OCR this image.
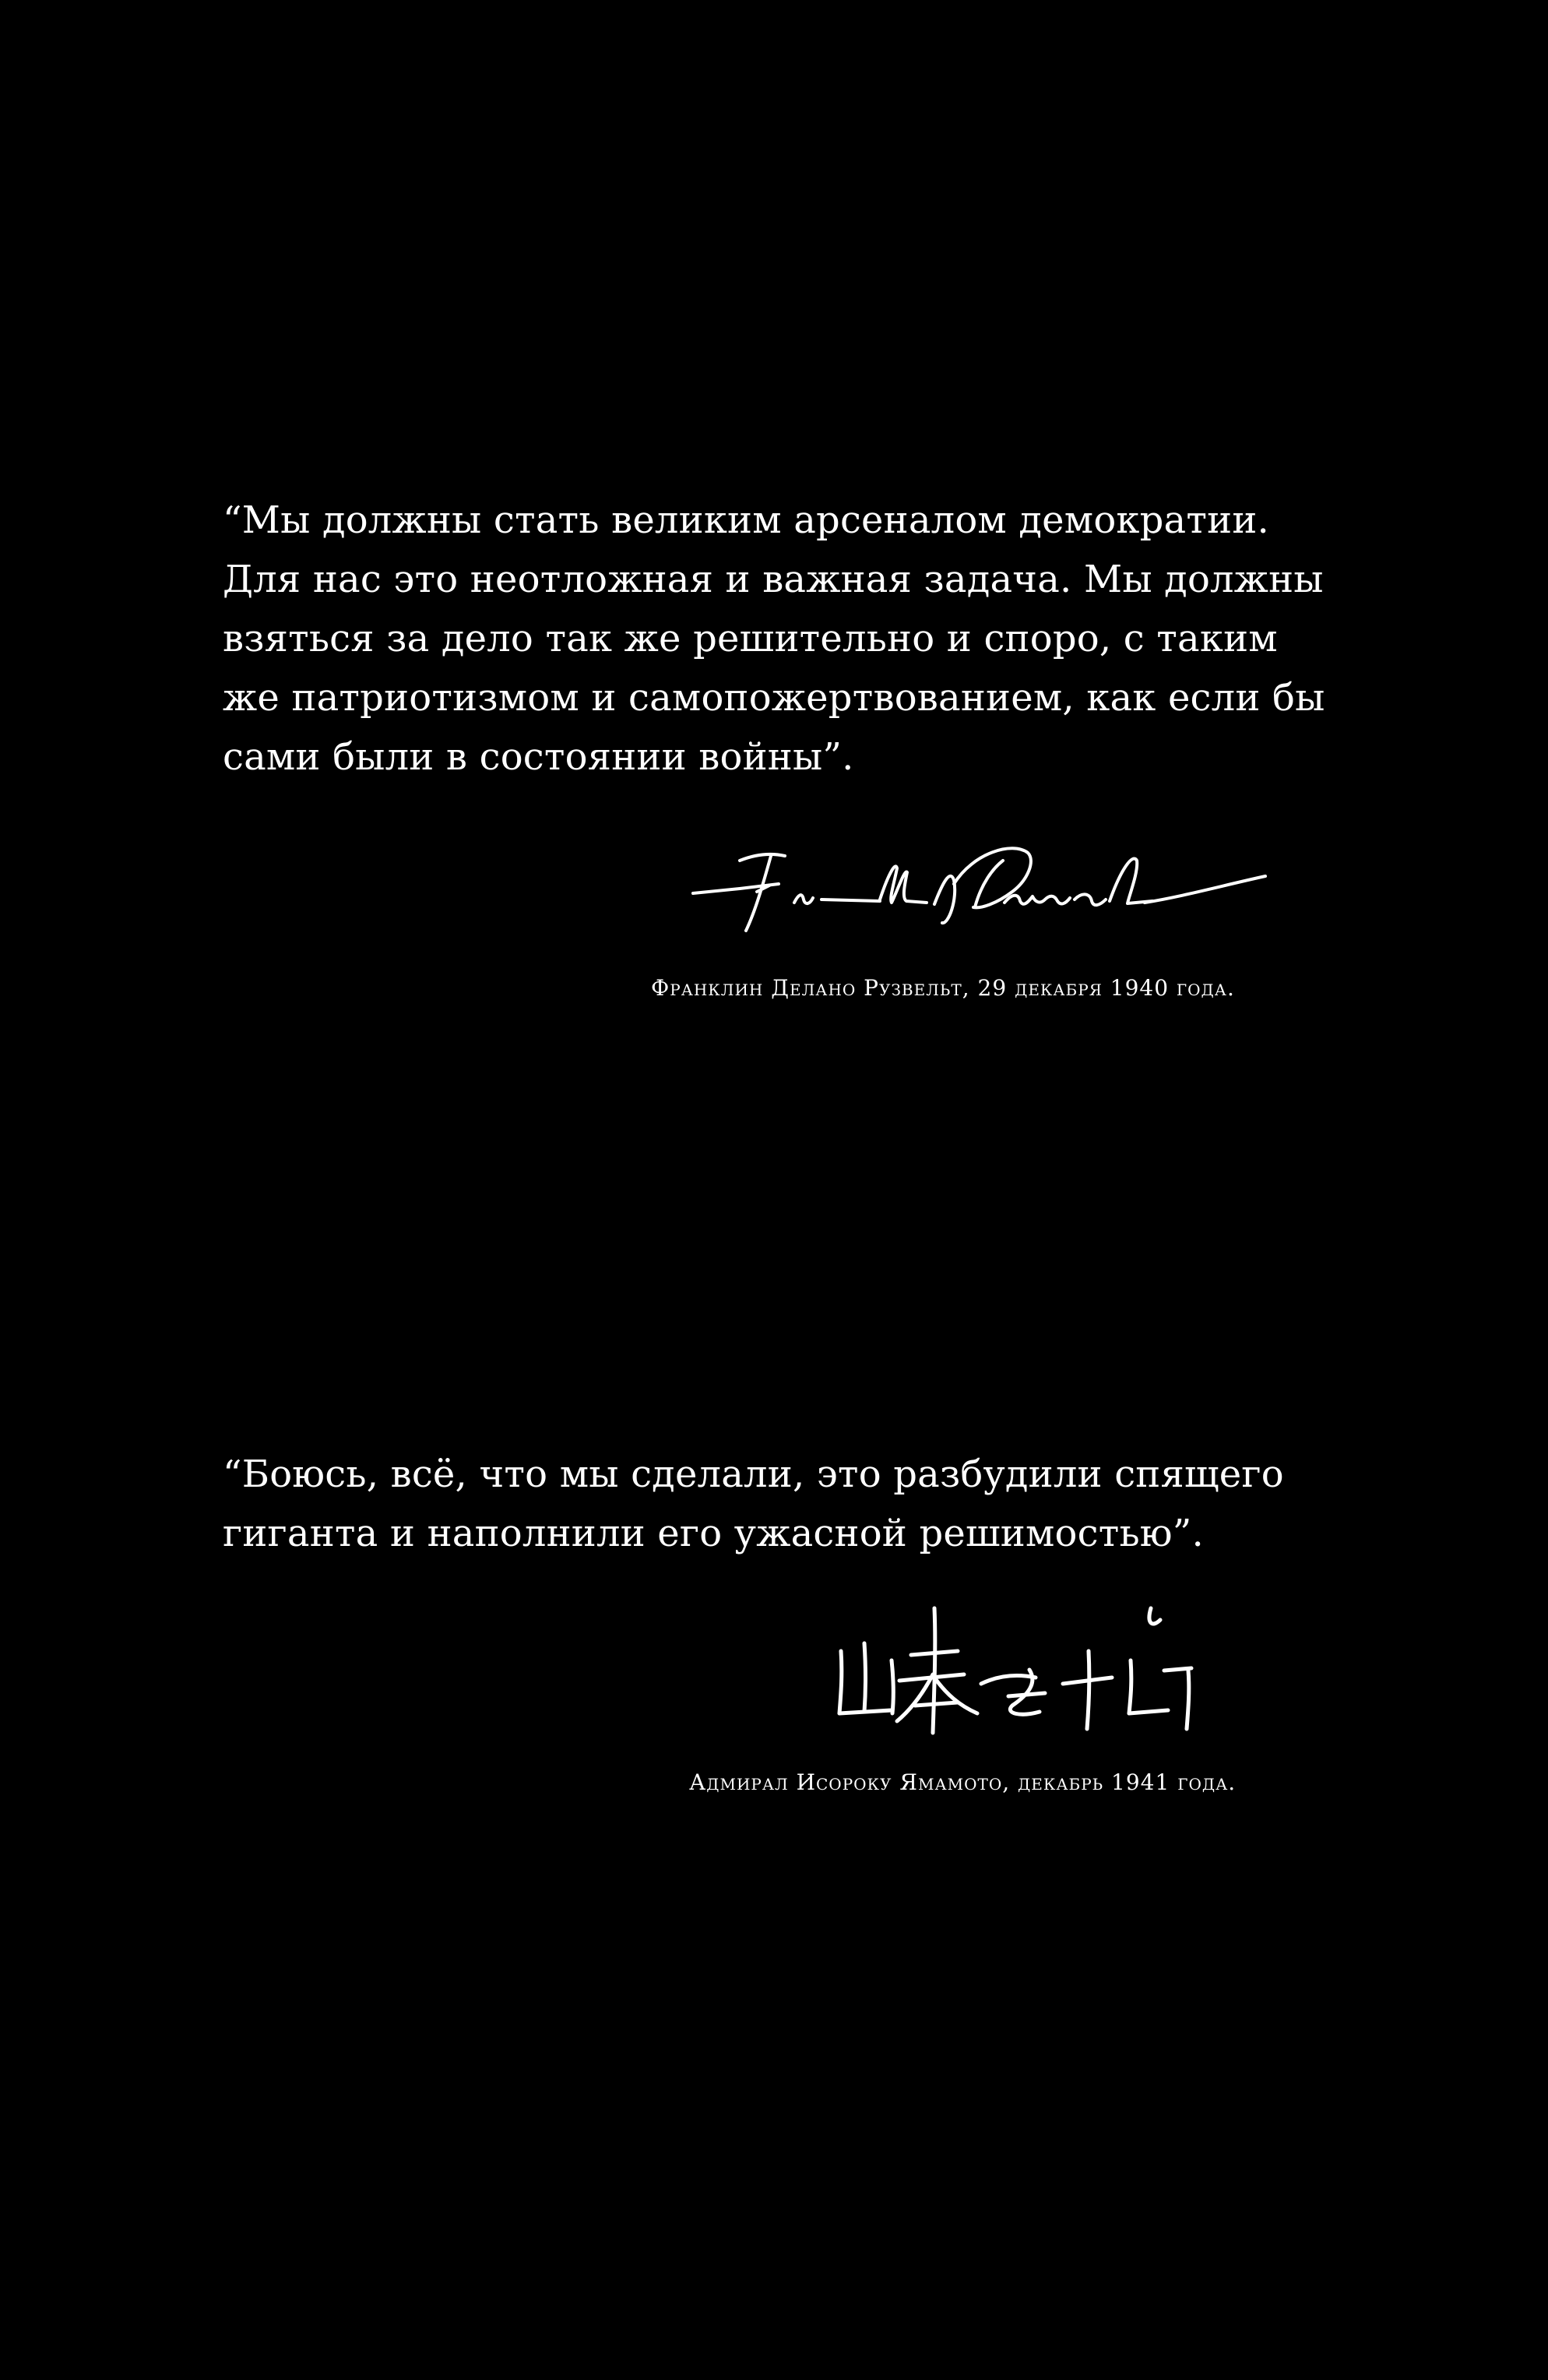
“Мы должны стать великим арсеналом демократии.
Для нас это неотложная и важная задача. Мы должны
взяться за дело так же решительно и споро, с таким
же патриотизмом и самопожертвованием, как если бы
сами были в состоянии войны”.
Франклин Делано Рузвельт, 29 декабря 1940 года.
“Боюсь, всё, что мы сделали, это разбудили спящего
гиганта и наполнили его ужасной решимостью”.
Адмирал Исороку Ямамото, декабрь 1941 года.
